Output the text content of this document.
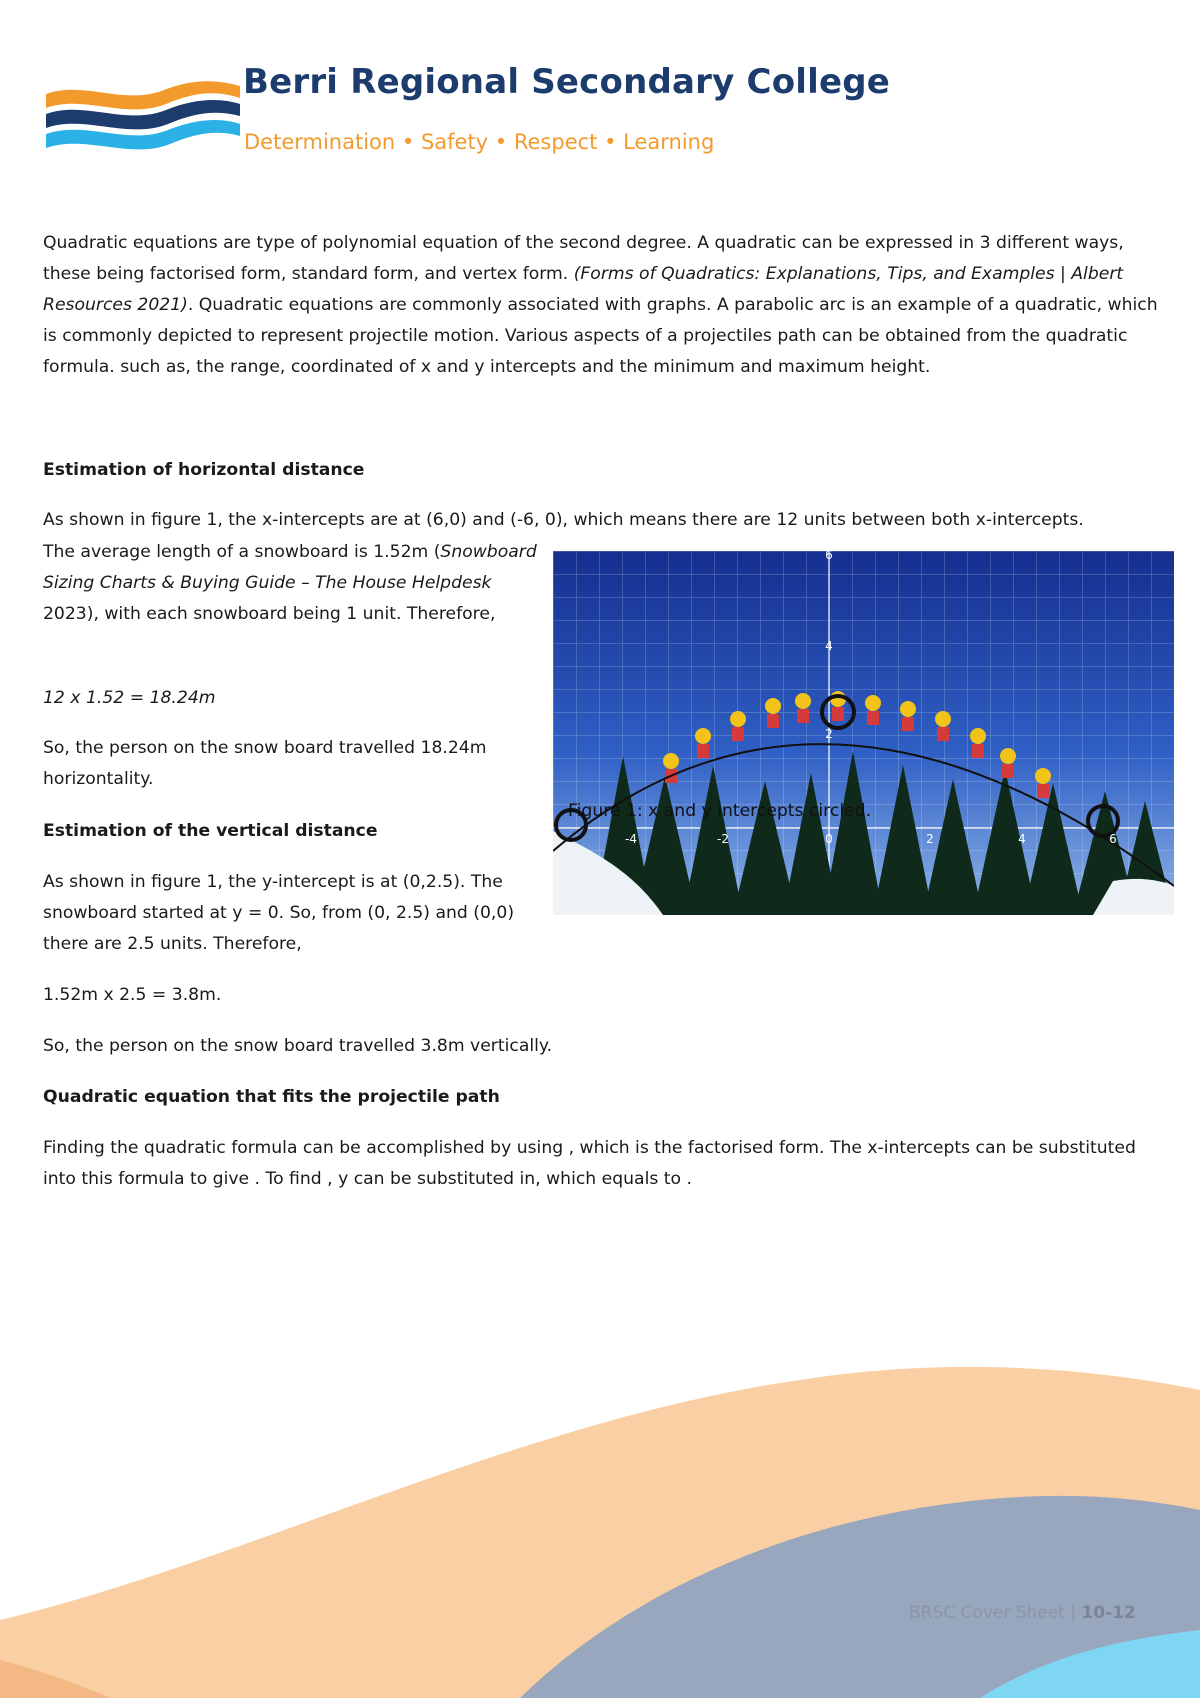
Berri Regional Secondary College

Determination • Safety • Respect • Learning

Quadratic equations are type of polynomial equation of the second degree. A quadratic can be expressed in 3 different ways, these being factorised form, standard form, and vertex form. (Forms of Quadratics: Explanations, Tips, and Examples | Albert Resources 2021). Quadratic equations are commonly associated with graphs. A parabolic arc is an example of a quadratic, which is commonly depicted to represent projectile motion. Various aspects of a projectiles path can be obtained from the quadratic formula. such as, the range, coordinated of x and y intercepts and the minimum and maximum height.

Estimation of horizontal distance

As shown in figure 1, the x-intercepts are at (6,0) and (-6, 0), which means there are 12 units between both x-intercepts.

The average length of a snowboard is 1.52m (Snowboard Sizing Charts & Buying Guide – The House Helpdesk 2023), with each snowboard being 1 unit. Therefore,

12 x 1.52 = 18.24m

So, the person on the snow board travelled 18.24m horizontality.

Estimation of the vertical distance

As shown in figure 1, the y-intercept is at (0,2.5). The snowboard started at y = 0. So, from (0, 2.5) and (0,0) there are 2.5 units. Therefore,

1.52m x 2.5 = 3.8m.

So, the person on the snow board travelled 3.8m vertically.

Quadratic equation that fits the projectile path

Finding the quadratic formula can be accomplished by using , which is the factorised form. The x-intercepts can be substituted into this formula to give . To find , y can be substituted in, which equals to .

-4	-2	0	2	4	6
6
4
2

Figure 1: x and y intercepts circled.

BRSC Cover Sheet | 10-12
